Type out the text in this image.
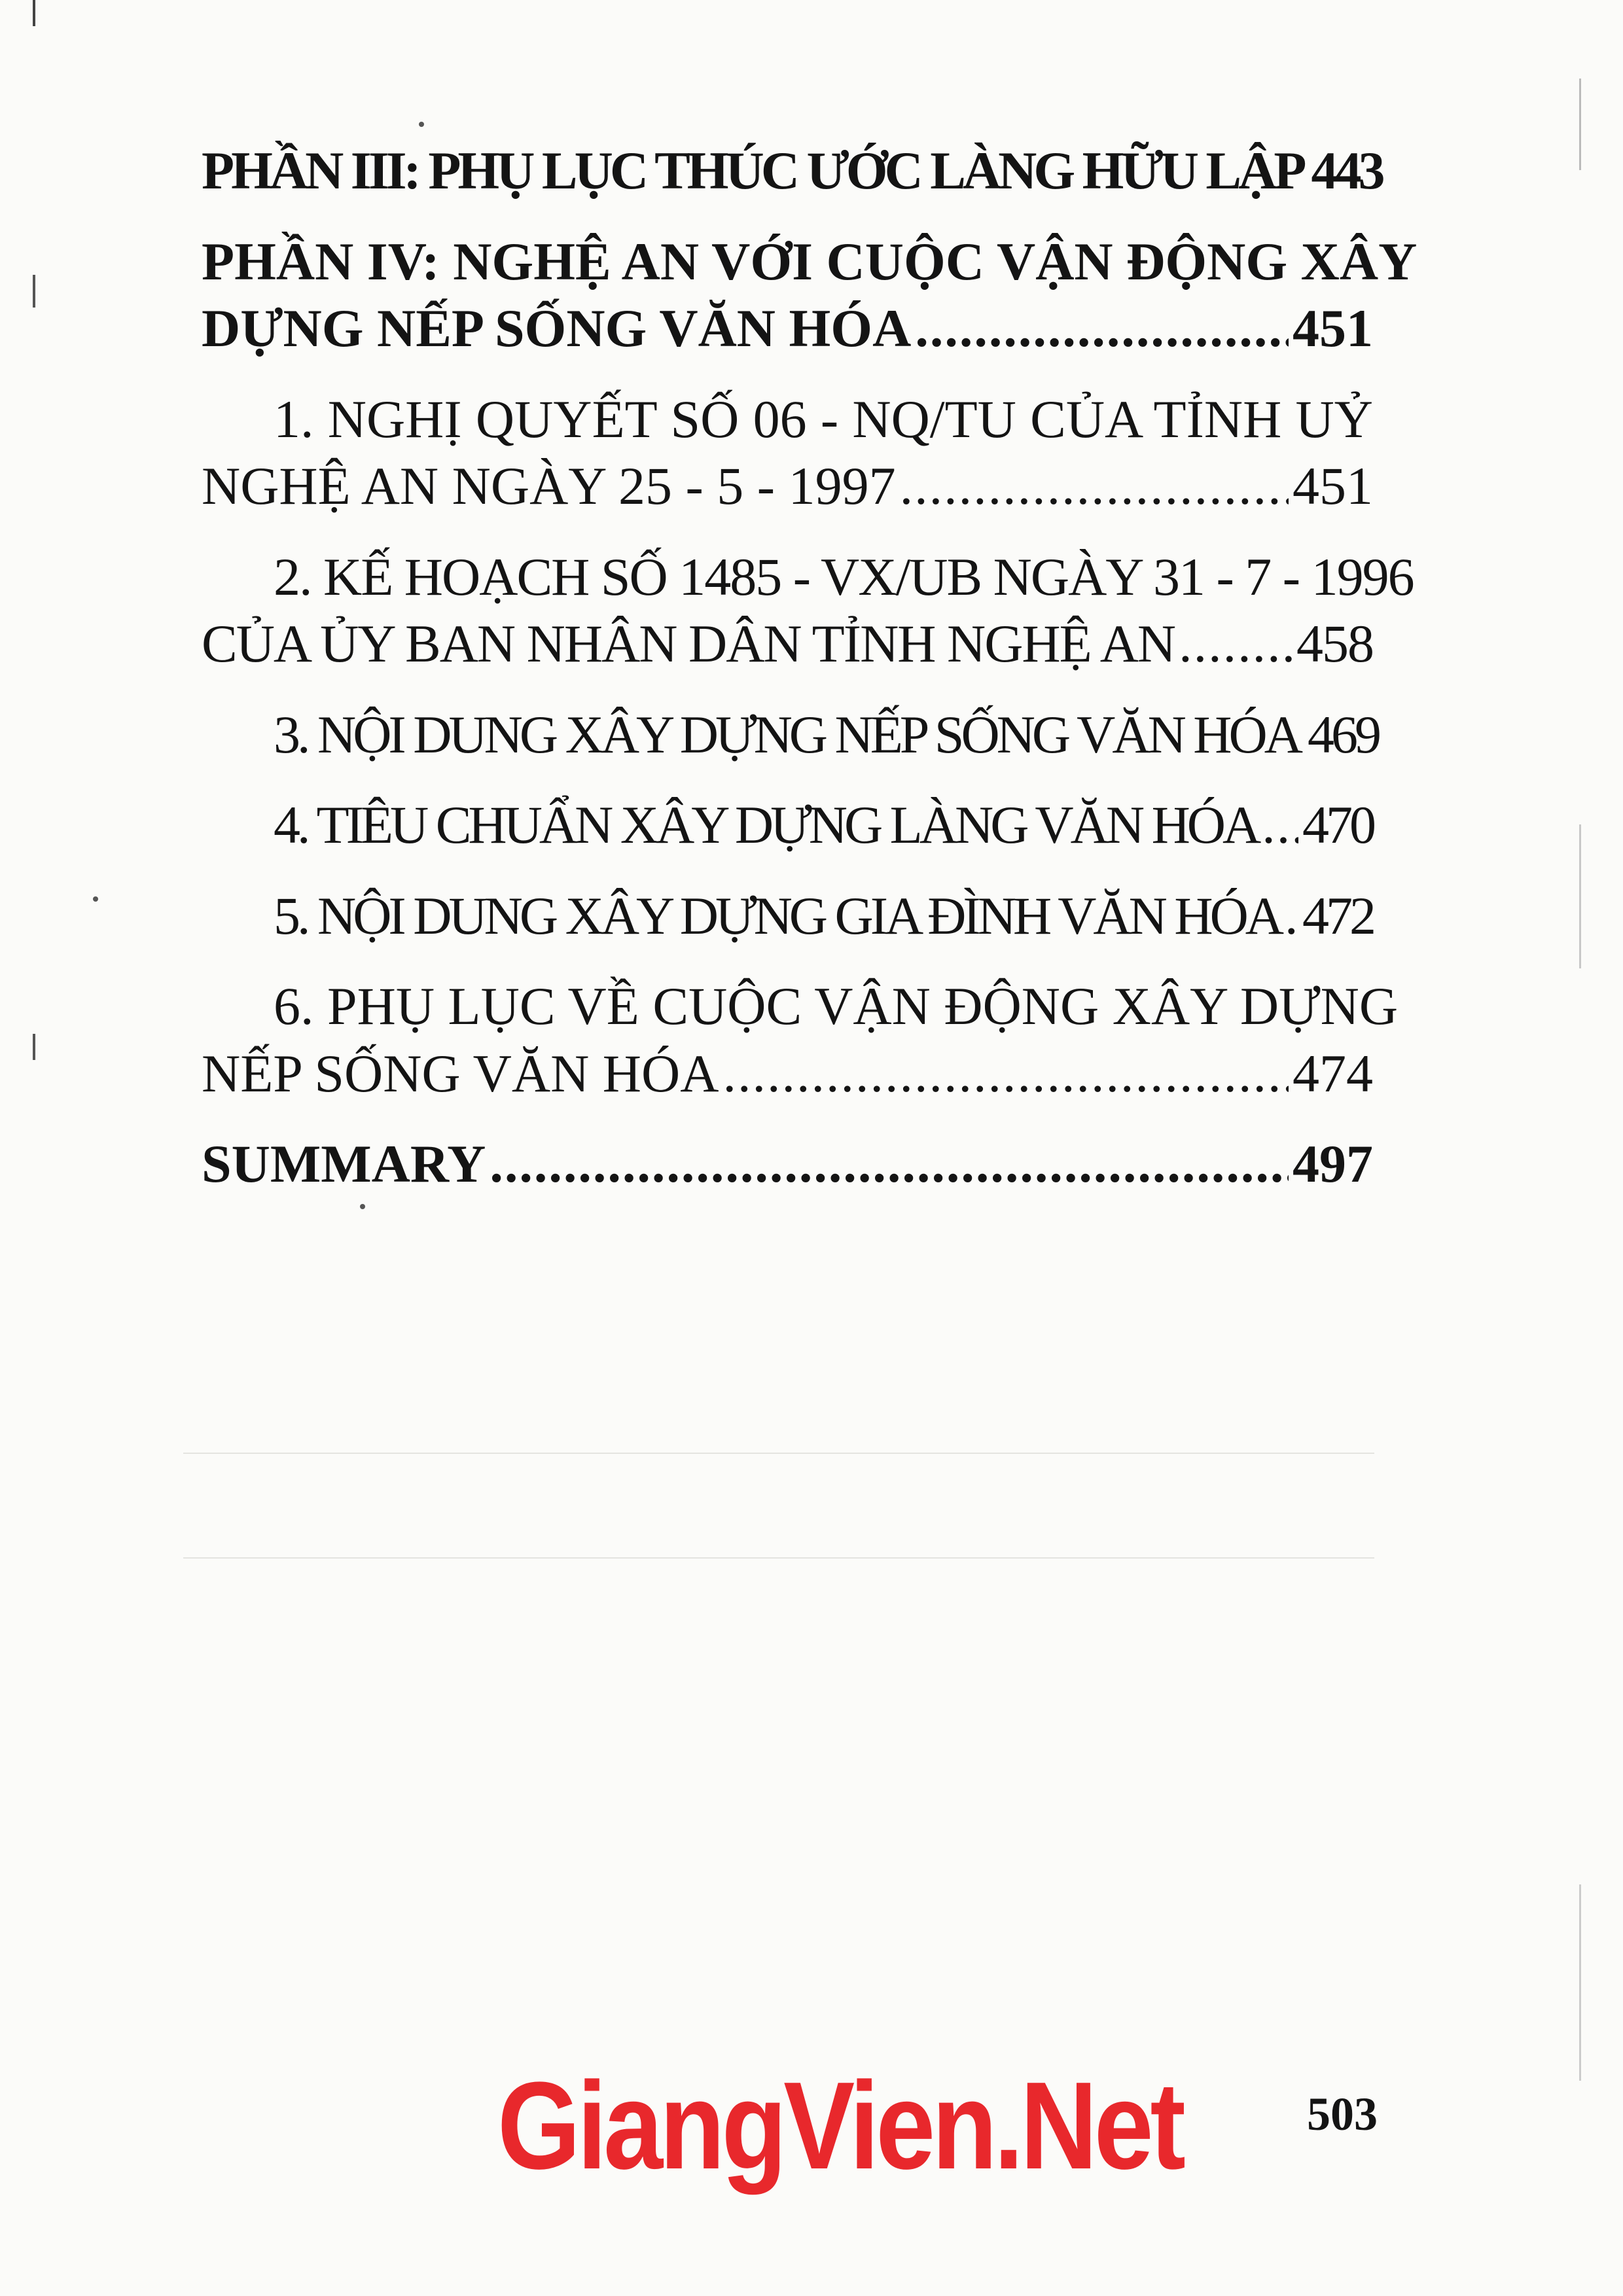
PHẦN III: PHỤ LỤC THÚC ƯỚC LÀNG HỮU LẬP 443
PHẦN IV: NGHỆ AN VỚI CUỘC VẬN ĐỘNG XÂY
DỰNG NẾP SỐNG VĂN HÓA .....	451
1. NGHỊ QUYẾT SỐ 06 - NQ/TU CỦA TỈNH UỶ
NGHỆ AN NGÀY 25 - 5 - 1997 .....	451
2. KẾ HOẠCH SỐ 1485 - VX/UB NGÀY 31 - 7 - 1996
CỦA ỦY BAN NHÂN DÂN TỈNH NGHỆ AN ..... 458
3. NỘI DUNG XÂY DỰNG NẾP SỐNG VĂN HÓA 469
4. TIÊU CHUẨN XÂY DỰNG LÀNG VĂN HÓA ..... 470
5. NỘI DUNG XÂY DỰNG GIA ĐÌNH VĂN HÓA ..... 472
6. PHỤ LỤC VỀ CUỘC VẬN ĐỘNG XÂY DỰNG
NẾP SỐNG VĂN HÓA .....	474
SUMMARY .....	497
GiangVien.Net	503
